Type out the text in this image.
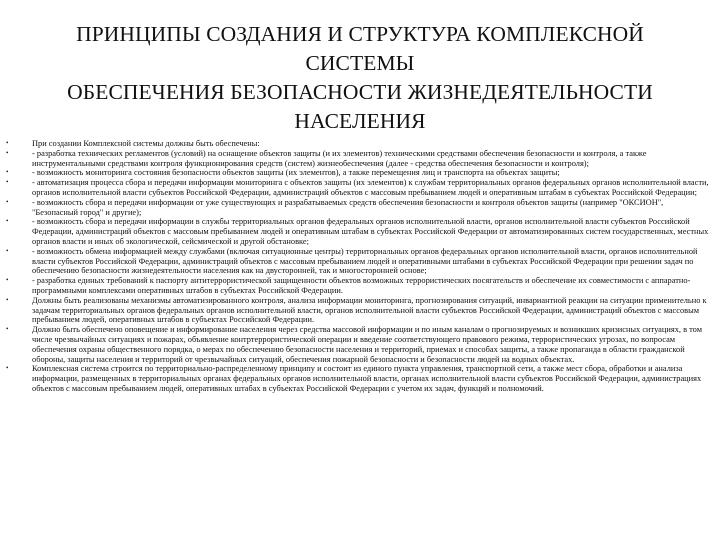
ПРИНЦИПЫ СОЗДАНИЯ И СТРУКТУРА КОМПЛЕКСНОЙ
СИСТЕМЫ
ОБЕСПЕЧЕНИЯ БЕЗОПАСНОСТИ ЖИЗНЕДЕЯТЕЛЬНОСТИ
НАСЕЛЕНИЯ
•	При создании Комплексной системы должны быть обеспечены:
•	- разработка технических регламентов (условий) на оснащение объектов защиты (и их элементов) техническими средствами обеспечения безопасности и контроля, а также инструментальными средствами контроля функционирования средств (систем) жизнеобеспечения (далее - средства обеспечения безопасности и контроля);
•	- возможность мониторинга состояния безопасности объектов защиты (их элементов), а также перемещения лиц и транспорта на объектах защиты;
•	- автоматизация процесса сбора и передачи информации мониторинга с объектов защиты (их элементов) к службам территориальных органов федеральных органов исполнительной власти, органов исполнительной власти субъектов Российской Федерации, администраций объектов с массовым пребыванием людей и оперативным штабам в субъектах Российской Федерации;
•	- возможность сбора и передачи информации от уже существующих и разрабатываемых средств обеспечения безопасности и контроля объектов защиты (например "ОКСИОН", "Безопасный город" и другие);
•	- возможность сбора и передачи информации в службы территориальных органов федеральных органов исполнительной власти, органов исполнительной власти субъектов Российской Федерации, администраций объектов с массовым пребыванием людей и оперативным штабам в субъектах Российской Федерации от автоматизированных систем государственных, местных органов власти и иных об экологической, сейсмической и другой обстановке;
•	- возможность обмена информацией между службами (включая ситуационные центры) территориальных органов федеральных органов исполнительной власти, органов исполнительной власти субъектов Российской Федерации, администраций объектов с массовым пребыванием людей и оперативными штабами в субъектах Российской Федерации при решении задач по обеспечению безопасности жизнедеятельности населения как на двусторонней, так и многосторонней основе;
•	- разработка единых требований к паспорту антитеррористической защищенности объектов возможных террористических посягательств и обеспечение их совместимости с аппаратно-программными комплексами оперативных штабов в субъектах Российской Федерации.
•	Должны быть реализованы механизмы автоматизированного контроля, анализа информации мониторинга, прогнозирования ситуаций, инвариантной реакции на ситуации применительно к задачам территориальных органов федеральных органов исполнительной власти, органов исполнительной власти субъектов Российской Федерации, администраций объектов с массовым пребыванием людей, оперативных штабов в субъектах Российской Федерации.
•	Должно быть обеспечено оповещение и информирование населения через средства массовой информации и по иным каналам о прогнозируемых и возникших кризисных ситуациях, в том числе чрезвычайных ситуациях и пожарах, объявление контртеррористической операции и введение соответствующего правового режима, террористических угрозах, по вопросам обеспечения охраны общественного порядка, о мерах по обеспечению безопасности населения и территорий, приемах и способах защиты, а также пропаганда в области гражданской обороны, защиты населения и территорий от чрезвычайных ситуаций, обеспечения пожарной безопасности и безопасности людей на водных объектах.
•	Комплексная система строится по территориально-распределенному принципу и состоит из единого пункта управления, транспортной сети, а также мест сбора, обработки и анализа информации, размещенных в территориальных органах федеральных органов исполнительной власти, органах исполнительной власти субъектов Российской Федерации, администрациях объектов с массовым пребыванием людей, оперативных штабах в субъектах Российской Федерации с учетом их задач, функций и полномочий.
